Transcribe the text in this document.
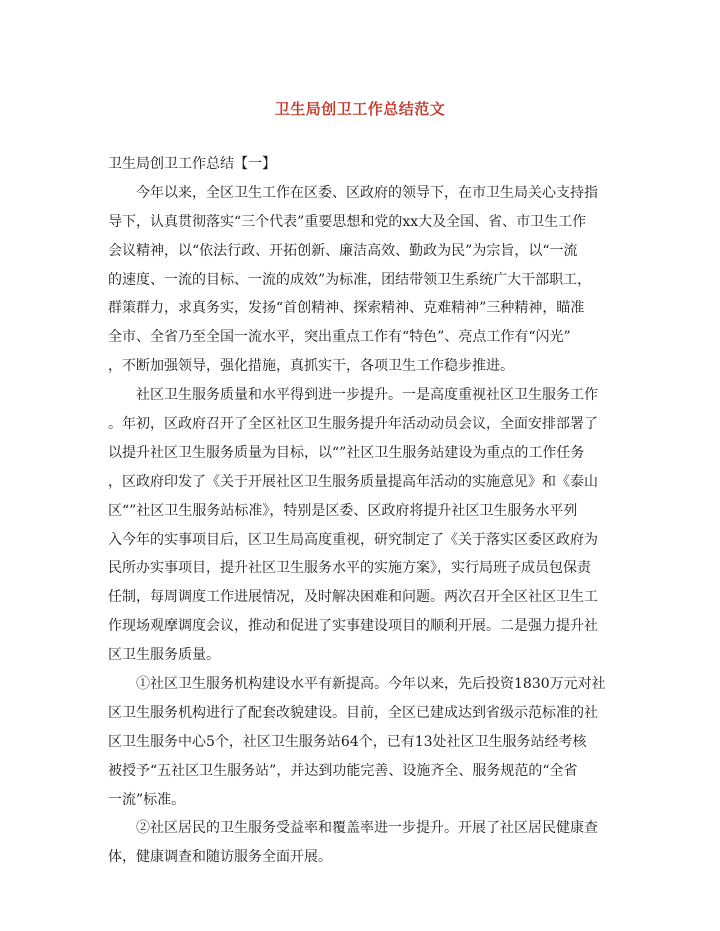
卫生局创卫工作总结范文
卫生局创卫工作总结【一】
　　今年以来，全区卫生工作在区委、区政府的领导下，在市卫生局关心支持指
导下，认真贯彻落实“三个代表”重要思想和党的xx大及全国、省、市卫生工作
会议精神，以“依法行政、开拓创新、廉洁高效、勤政为民”为宗旨，以“一流
的速度、一流的目标、一流的成效”为标准，团结带领卫生系统广大干部职工，
群策群力，求真务实，发扬“首创精神、探索精神、克难精神”三种精神，瞄准
全市、全省乃至全国一流水平，突出重点工作有“特色”、亮点工作有“闪光”
，不断加强领导，强化措施，真抓实干，各项卫生工作稳步推进。
　　社区卫生服务质量和水平得到进一步提升。一是高度重视社区卫生服务工作
。年初，区政府召开了全区社区卫生服务提升年活动动员会议，全面安排部署了
以提升社区卫生服务质量为目标，以“”社区卫生服务站建设为重点的工作任务
，区政府印发了《关于开展社区卫生服务质量提高年活动的实施意见》和《泰山
区“”社区卫生服务站标准》，特别是区委、区政府将提升社区卫生服务水平列
入今年的实事项目后，区卫生局高度重视，研究制定了《关于落实区委区政府为
民所办实事项目，提升社区卫生服务水平的实施方案》，实行局班子成员包保责
任制，每周调度工作进展情况，及时解决困难和问题。两次召开全区社区卫生工
作现场观摩调度会议，推动和促进了实事建设项目的顺利开展。二是强力提升社
区卫生服务质量。
　　①社区卫生服务机构建设水平有新提高。今年以来，先后投资1830万元对社
区卫生服务机构进行了配套改貌建设。目前，全区已建成达到省级示范标准的社
区卫生服务中心5个，社区卫生服务站64个，已有13处社区卫生服务站经考核
被授予“五社区卫生服务站”，并达到功能完善、设施齐全、服务规范的“全省
一流”标准。
　　②社区居民的卫生服务受益率和覆盖率进一步提升。开展了社区居民健康查
体，健康调查和随访服务全面开展。
